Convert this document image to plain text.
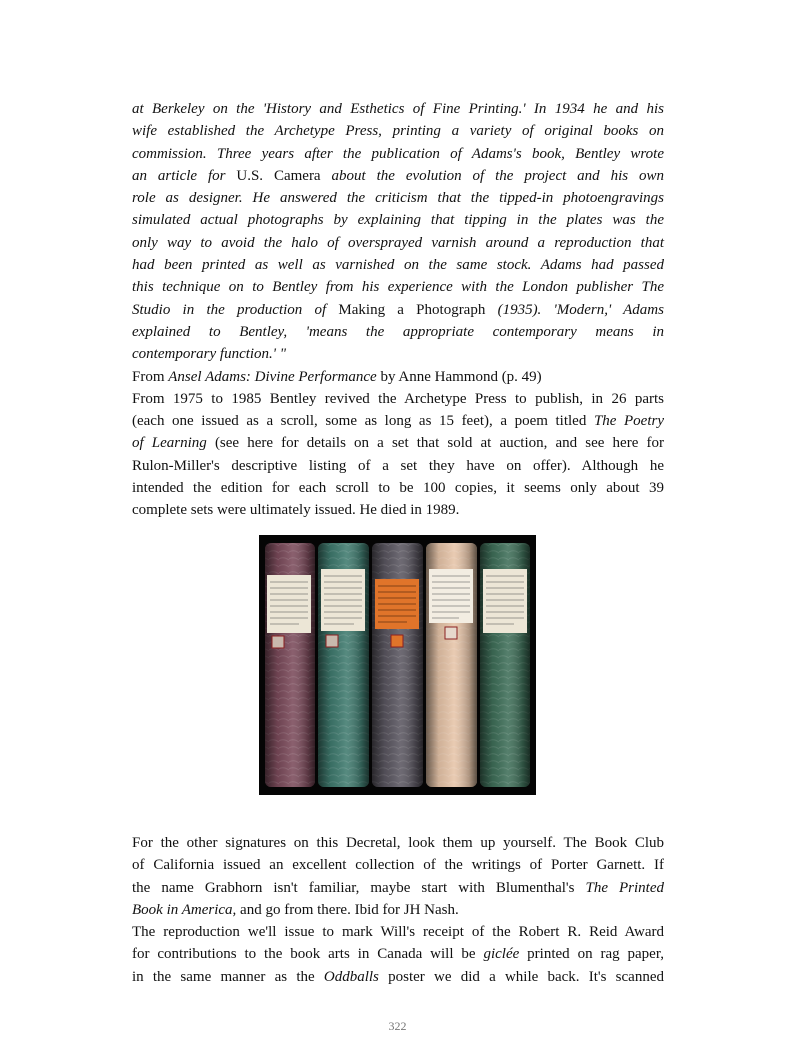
at Berkeley on the 'History and Esthetics of Fine Printing.' In 1934 he and his
wife established the Archetype Press, printing a variety of original books on
commission. Three years after the publication of Adams's book, Bentley wrote
an article for U.S. Camera about the evolution of the project and his own
role as designer. He answered the criticism that the tipped-in photoengravings
simulated actual photographs by explaining that tipping in the plates was the
only way to avoid the halo of oversprayed varnish around a reproduction that
had been printed as well as varnished on the same stock. Adams had passed
this technique on to Bentley from his experience with the London publisher The
Studio in the production of Making a Photograph (1935). 'Modern,' Adams
explained to Bentley, 'means the appropriate contemporary means in
contemporary function.' "

From Ansel Adams: Divine Performance by Anne Hammond (p. 49)

From 1975 to 1985 Bentley revived the Archetype Press to publish, in 26 parts
(each one issued as a scroll, some as long as 15 feet), a poem titled The Poetry
of Learning (see here for details on a set that sold at auction, and see here for
Rulon-Miller's descriptive listing of a set they have on offer). Although he
intended the edition for each scroll to be 100 copies, it seems only about 39
complete sets were ultimately issued. He died in 1989.

For the other signatures on this Decretal, look them up yourself. The Book Club
of California issued an excellent collection of the writings of Porter Garnett. If
the name Grabhorn isn't familiar, maybe start with Blumenthal's The Printed
Book in America, and go from there. Ibid for JH Nash.

The reproduction we'll issue to mark Will's receipt of the Robert R. Reid Award
for contributions to the book arts in Canada will be giclée printed on rag paper,
in the same manner as the Oddballs poster we did a while back. It's scanned

322
